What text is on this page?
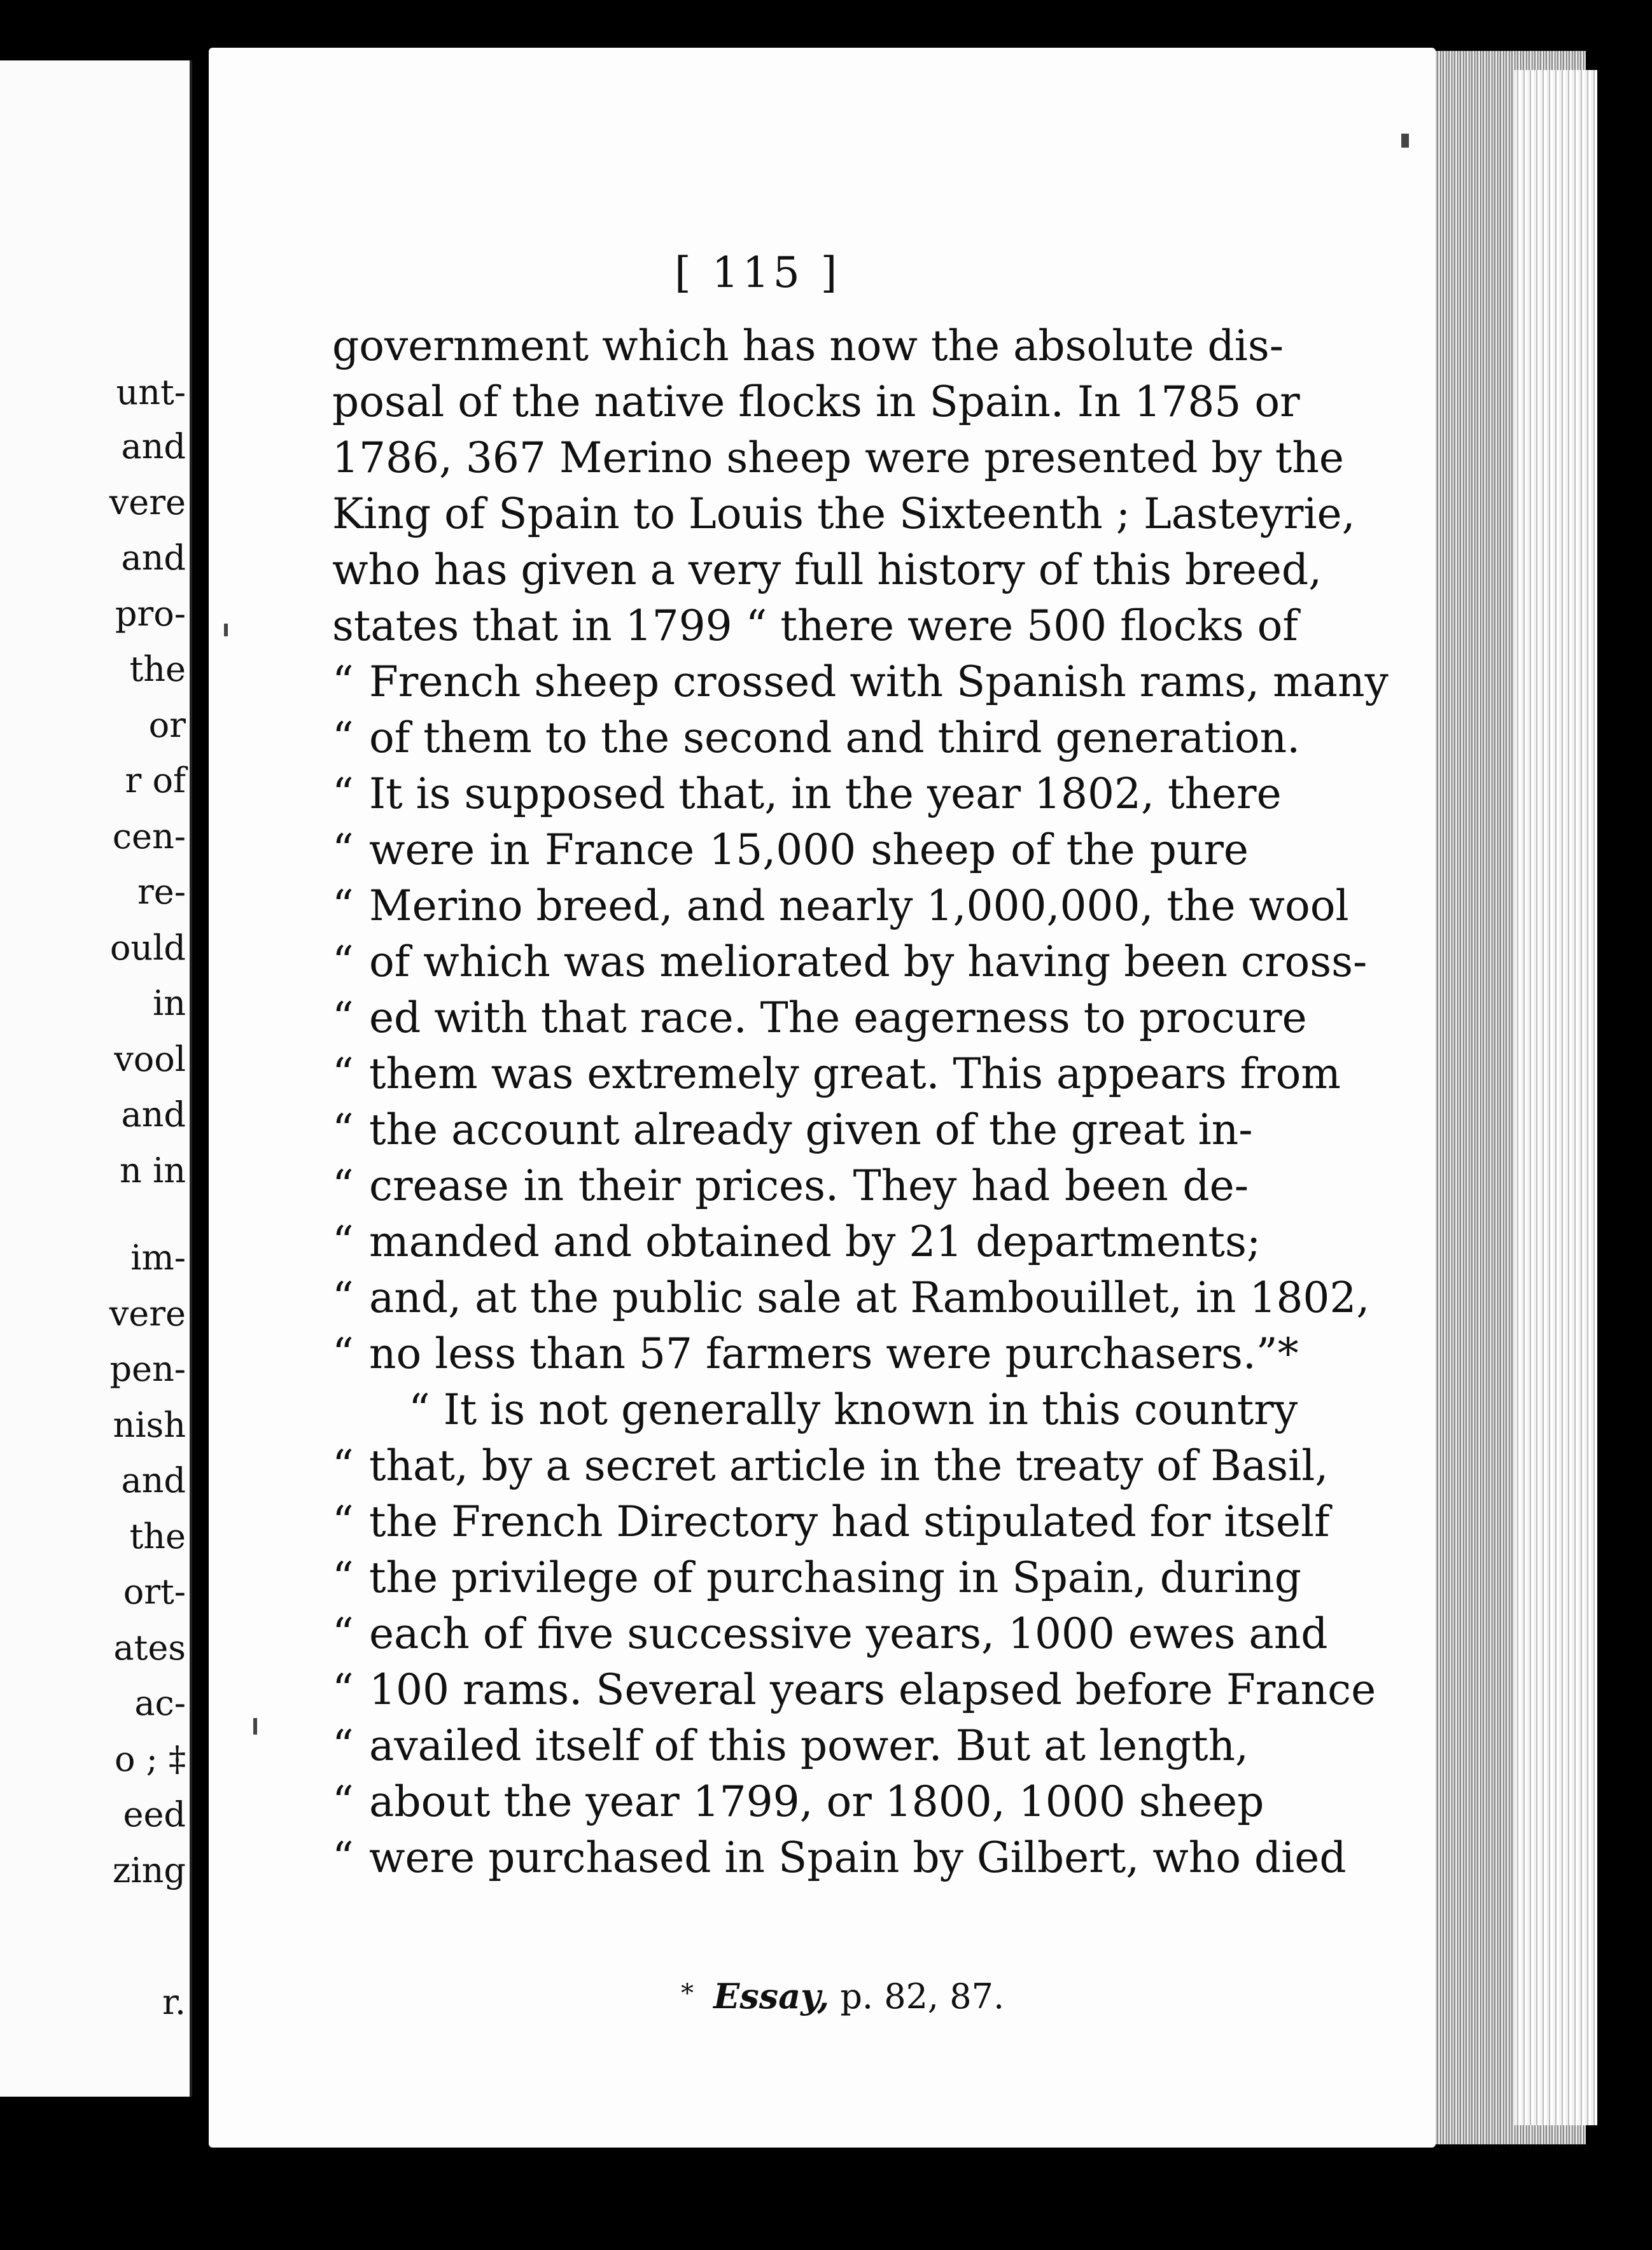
unt-
and
vere
and
pro-
the
or
r of
cen-
re-
ould
in
vool
and
n in
im-
vere
pen-
nish
and
the
ort-
ates
ac-
o ; ‡
eed
zing
r.
[ 115 ]
government which has now the absolute dis-
posal of the native flocks in Spain. In 1785 or
1786, 367 Merino sheep were presented by the
King of Spain to Louis the Sixteenth ; Lasteyrie,
who has given a very full history of this breed,
states that in 1799 “ there were 500 flocks of
“ French sheep crossed with Spanish rams, many
“ of them to the second and third generation.
“ It is supposed that, in the year 1802, there
“ were in France 15,000 sheep of the pure
“ Merino breed, and nearly 1,000,000, the wool
“ of which was meliorated by having been cross-
“ ed with that race. The eagerness to procure
“ them was extremely great. This appears from
“ the account already given of the great in-
“ crease in their prices. They had been de-
“ manded and obtained by 21 departments;
“ and, at the public sale at Rambouillet, in 1802,
“ no less than 57 farmers were purchasers.”*
“ It is not generally known in this country
“ that, by a secret article in the treaty of Basil,
“ the French Directory had stipulated for itself
“ the privilege of purchasing in Spain, during
“ each of five successive years, 1000 ewes and
“ 100 rams. Several years elapsed before France
“ availed itself of this power. But at length,
“ about the year 1799, or 1800, 1000 sheep
“ were purchased in Spain by Gilbert, who died
* Essay, p. 82, 87.
